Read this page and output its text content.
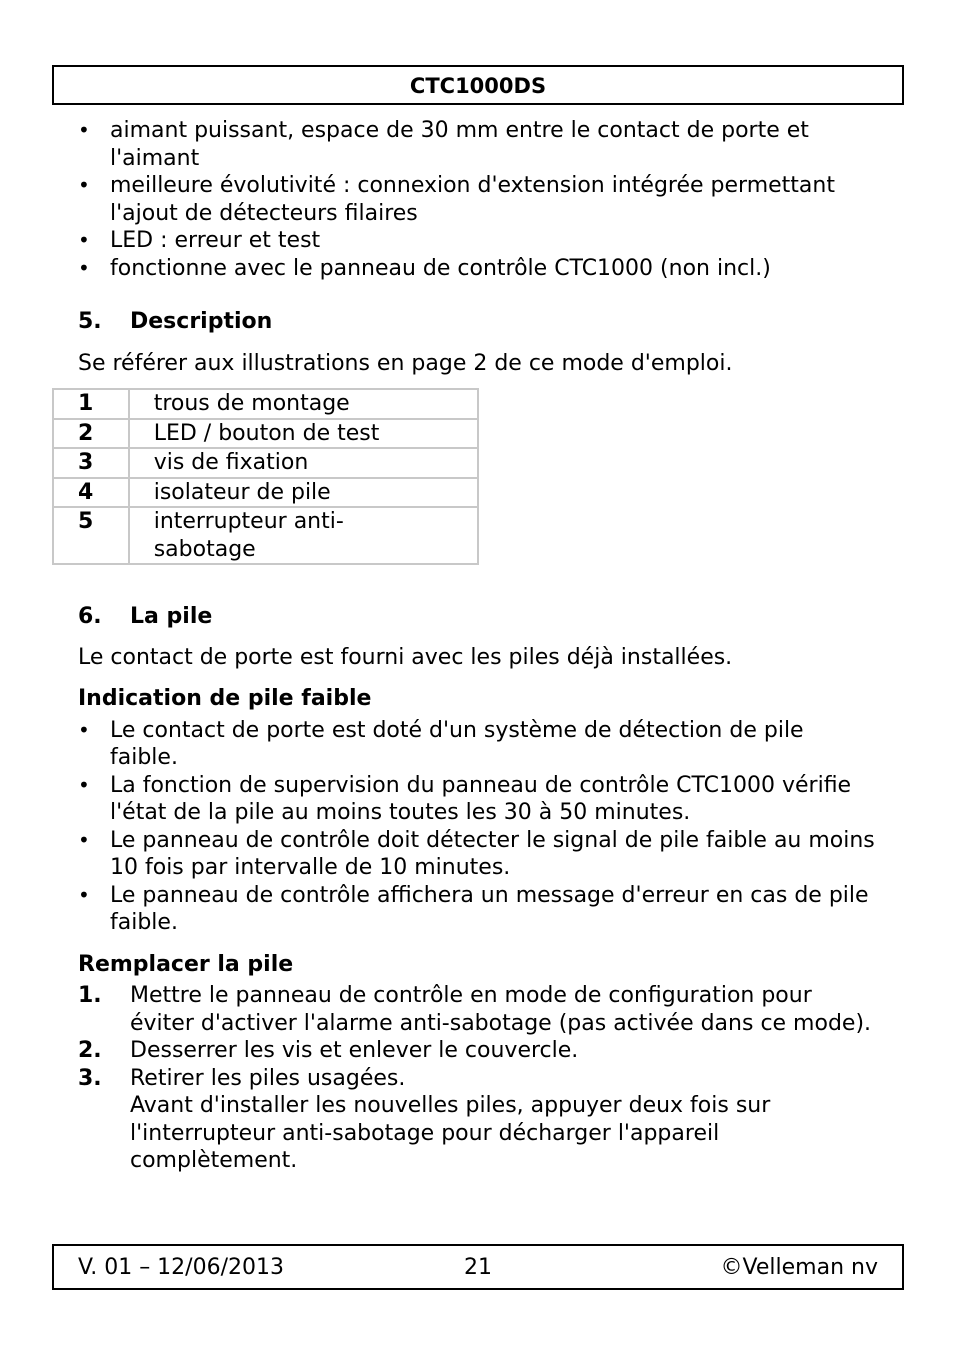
CTC1000DS
• aimant puissant, espace de 30 mm entre le contact de porte et l'aimant
• meilleure évolutivité : connexion d'extension intégrée permettant l'ajout de détecteurs filaires
• LED : erreur et test
• fonctionne avec le panneau de contrôle CTC1000 (non incl.)
5.	Description

Se référer aux illustrations en page 2 de ce mode d'emploi.

1	trous de montage
2	LED / bouton de test
3	vis de fixation
4	isolateur de pile
5	interrupteur anti-sabotage
6.	La pile

Le contact de porte est fourni avec les piles déjà installées.

Indication de pile faible

• Le contact de porte est doté d'un système de détection de pile faible.
• La fonction de supervision du panneau de contrôle CTC1000 vérifie l'état de la pile au moins toutes les 30 à 50 minutes.
• Le panneau de contrôle doit détecter le signal de pile faible au moins 10 fois par intervalle de 10 minutes.
• Le panneau de contrôle affichera un message d'erreur en cas de pile faible.

Remplacer la pile

1.	Mettre le panneau de contrôle en mode de configuration pour éviter d'activer l'alarme anti-sabotage (pas activée dans ce mode).
2.	Desserrer les vis et enlever le couvercle.
3.	Retirer les piles usagées.
Avant d'installer les nouvelles piles, appuyer deux fois sur l'interrupteur anti-sabotage pour décharger l'appareil complètement.
V. 01 – 12/06/2013	21	©Velleman nv
